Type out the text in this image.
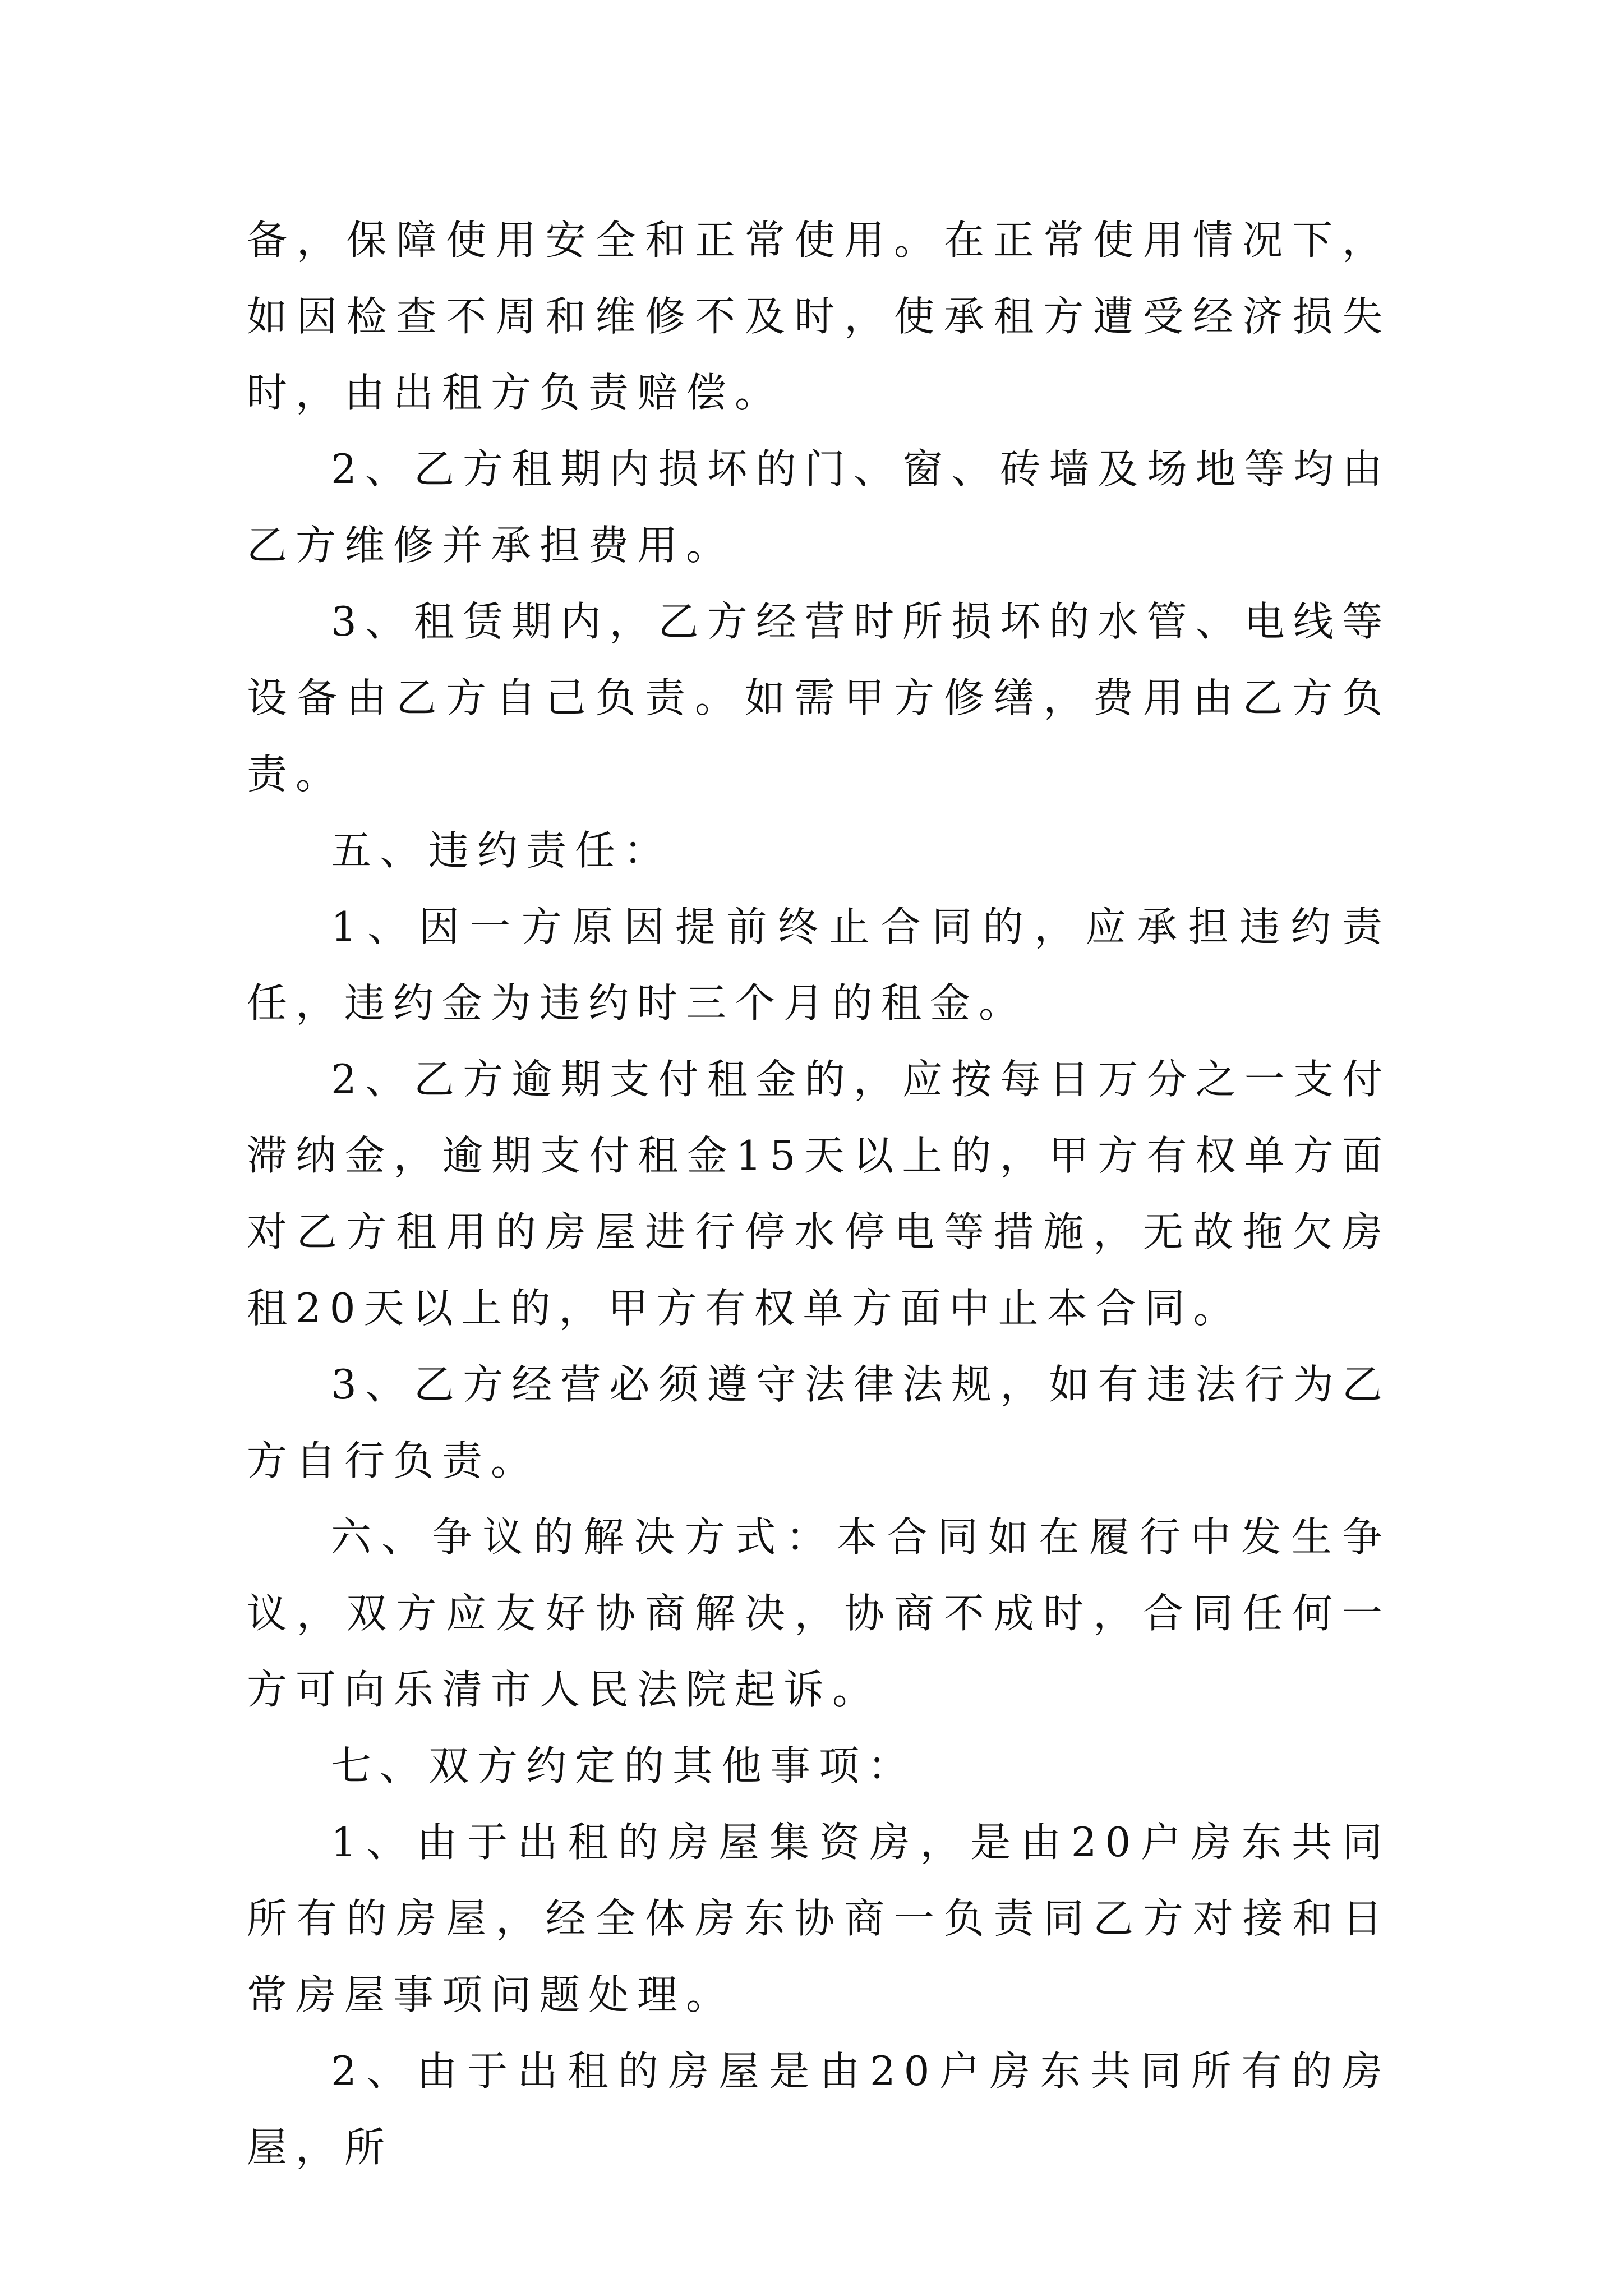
备，保障使用安全和正常使用。在正常使用情况下，如因检查不周和维修不及时，使承租方遭受经济损失时，由出租方负责赔偿。

2、乙方租期内损坏的门、窗、砖墙及场地等均由乙方维修并承担费用。

3、租赁期内，乙方经营时所损坏的水管、电线等设备由乙方自己负责。如需甲方修缮，费用由乙方负责。

五、违约责任：

1、因一方原因提前终止合同的，应承担违约责任，违约金为违约时三个月的租金。

2、乙方逾期支付租金的，应按每日万分之一支付滞纳金，逾期支付租金15天以上的，甲方有权单方面对乙方租用的房屋进行停水停电等措施，无故拖欠房租20天以上的，甲方有权单方面中止本合同。

3、乙方经营必须遵守法律法规，如有违法行为乙方自行负责。

六、争议的解决方式：本合同如在履行中发生争议，双方应友好协商解决，协商不成时，合同任何一方可向乐清市人民法院起诉。

七、双方约定的其他事项：

1、由于出租的房屋集资房，是由20户房东共同所有的房屋，经全体房东协商一负责同乙方对接和日常房屋事项问题处理。

2、由于出租的房屋是由20户房东共同所有的房屋，所
